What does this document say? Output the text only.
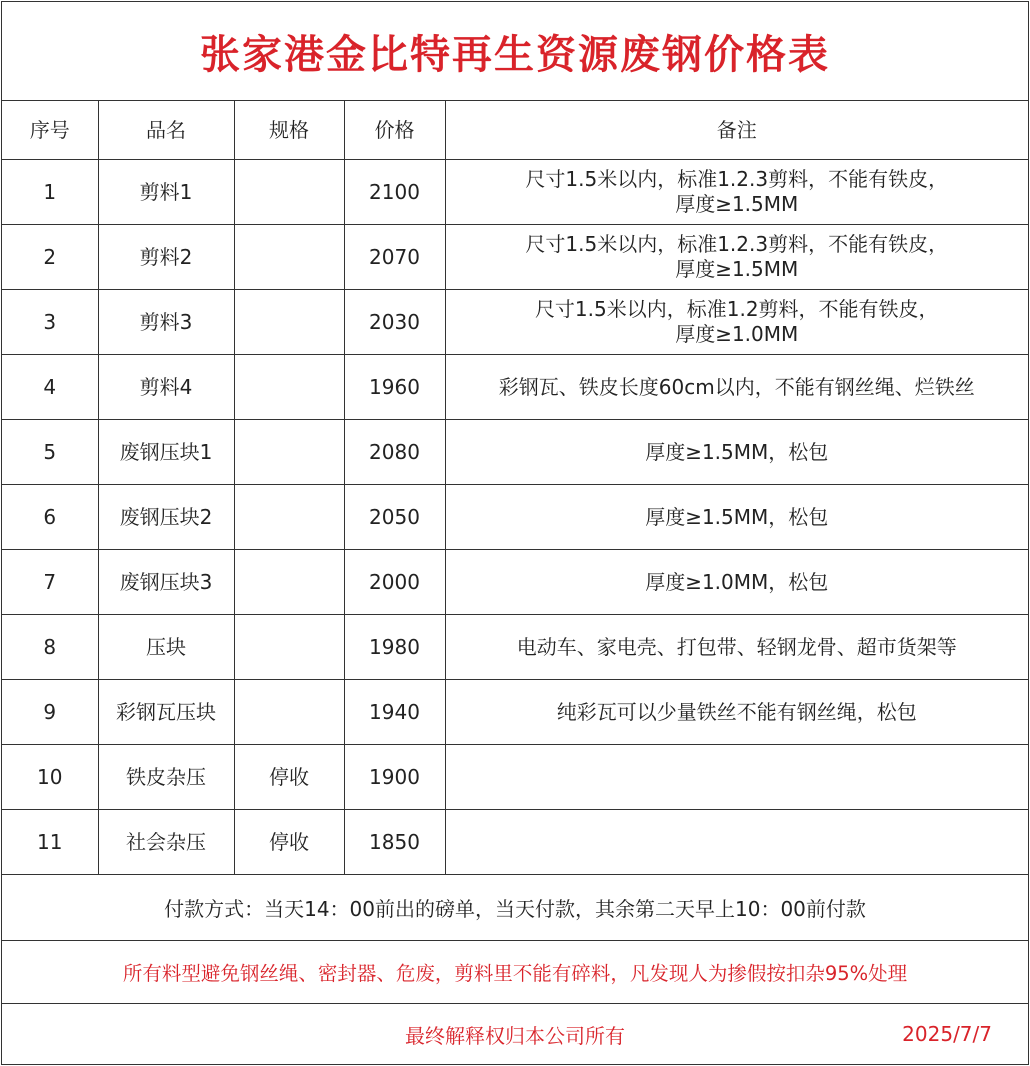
张家港金比特再生资源废钢价格表
序号	品名	规格	价格	备注
1	剪料1		2100	尺寸1.5米以内，标准1.2.3剪料，不能有铁皮，
厚度≥1.5MM

2	剪料2		2070	尺寸1.5米以内，标准1.2.3剪料，不能有铁皮，
厚度≥1.5MM

3	剪料3		2030	尺寸1.5米以内，标准1.2剪料，不能有铁皮，
厚度≥1.0MM

4	剪料4		1960	彩钢瓦、铁皮长度60cm以内，不能有钢丝绳、烂铁丝

5	废钢压块1		2080	厚度≥1.5MM，松包

6	废钢压块2		2050	厚度≥1.5MM，松包

7	废钢压块3		2000	厚度≥1.0MM，松包

8	压块		1980	电动车、家电壳、打包带、轻钢龙骨、超市货架等

9	彩钢瓦压块		1940	纯彩瓦可以少量铁丝不能有钢丝绳，松包

10	铁皮杂压	停收	1900	
11	社会杂压	停收	1850	
付款方式：当天14：00前出的磅单，当天付款，其余第二天早上10：00前付款
所有料型避免钢丝绳、密封器、危废，剪料里不能有碎料，凡发现人为掺假按扣杂95%处理
最终解释权归本公司所有	2025/7/7
